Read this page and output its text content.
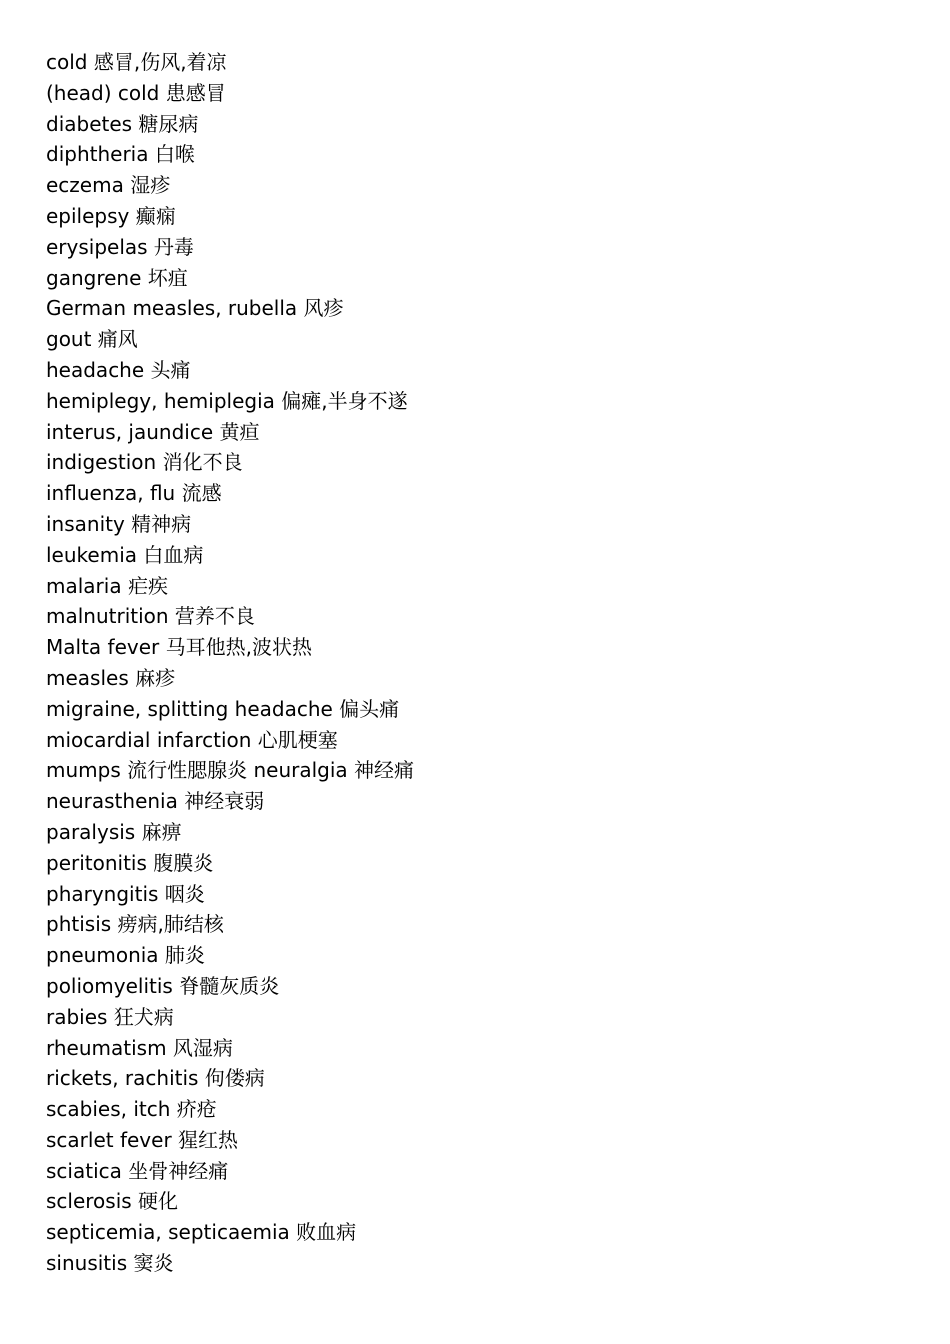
cold 感冒,伤风,着凉
(head) cold 患感冒
diabetes 糖尿病
diphtheria 白喉
eczema 湿疹
epilepsy 癫痫
erysipelas 丹毒
gangrene 坏疽
German measles, rubella 风疹
gout 痛风
headache 头痛
hemiplegy, hemiplegia 偏瘫,半身不遂
interus, jaundice 黄疸
indigestion 消化不良
influenza, flu 流感
insanity 精神病
leukemia 白血病
malaria 疟疾
malnutrition 营养不良
Malta fever 马耳他热,波状热
measles 麻疹
migraine, splitting headache 偏头痛
miocardial infarction 心肌梗塞
mumps 流行性腮腺炎 neuralgia 神经痛
neurasthenia 神经衰弱
paralysis 麻痹
peritonitis 腹膜炎
pharyngitis 咽炎
phtisis 痨病,肺结核
pneumonia 肺炎
poliomyelitis 脊髓灰质炎
rabies 狂犬病
rheumatism 风湿病
rickets, rachitis 佝偻病
scabies, itch 疥疮
scarlet fever 猩红热
sciatica 坐骨神经痛
sclerosis 硬化
septicemia, septicaemia 败血病
sinusitis 窦炎
